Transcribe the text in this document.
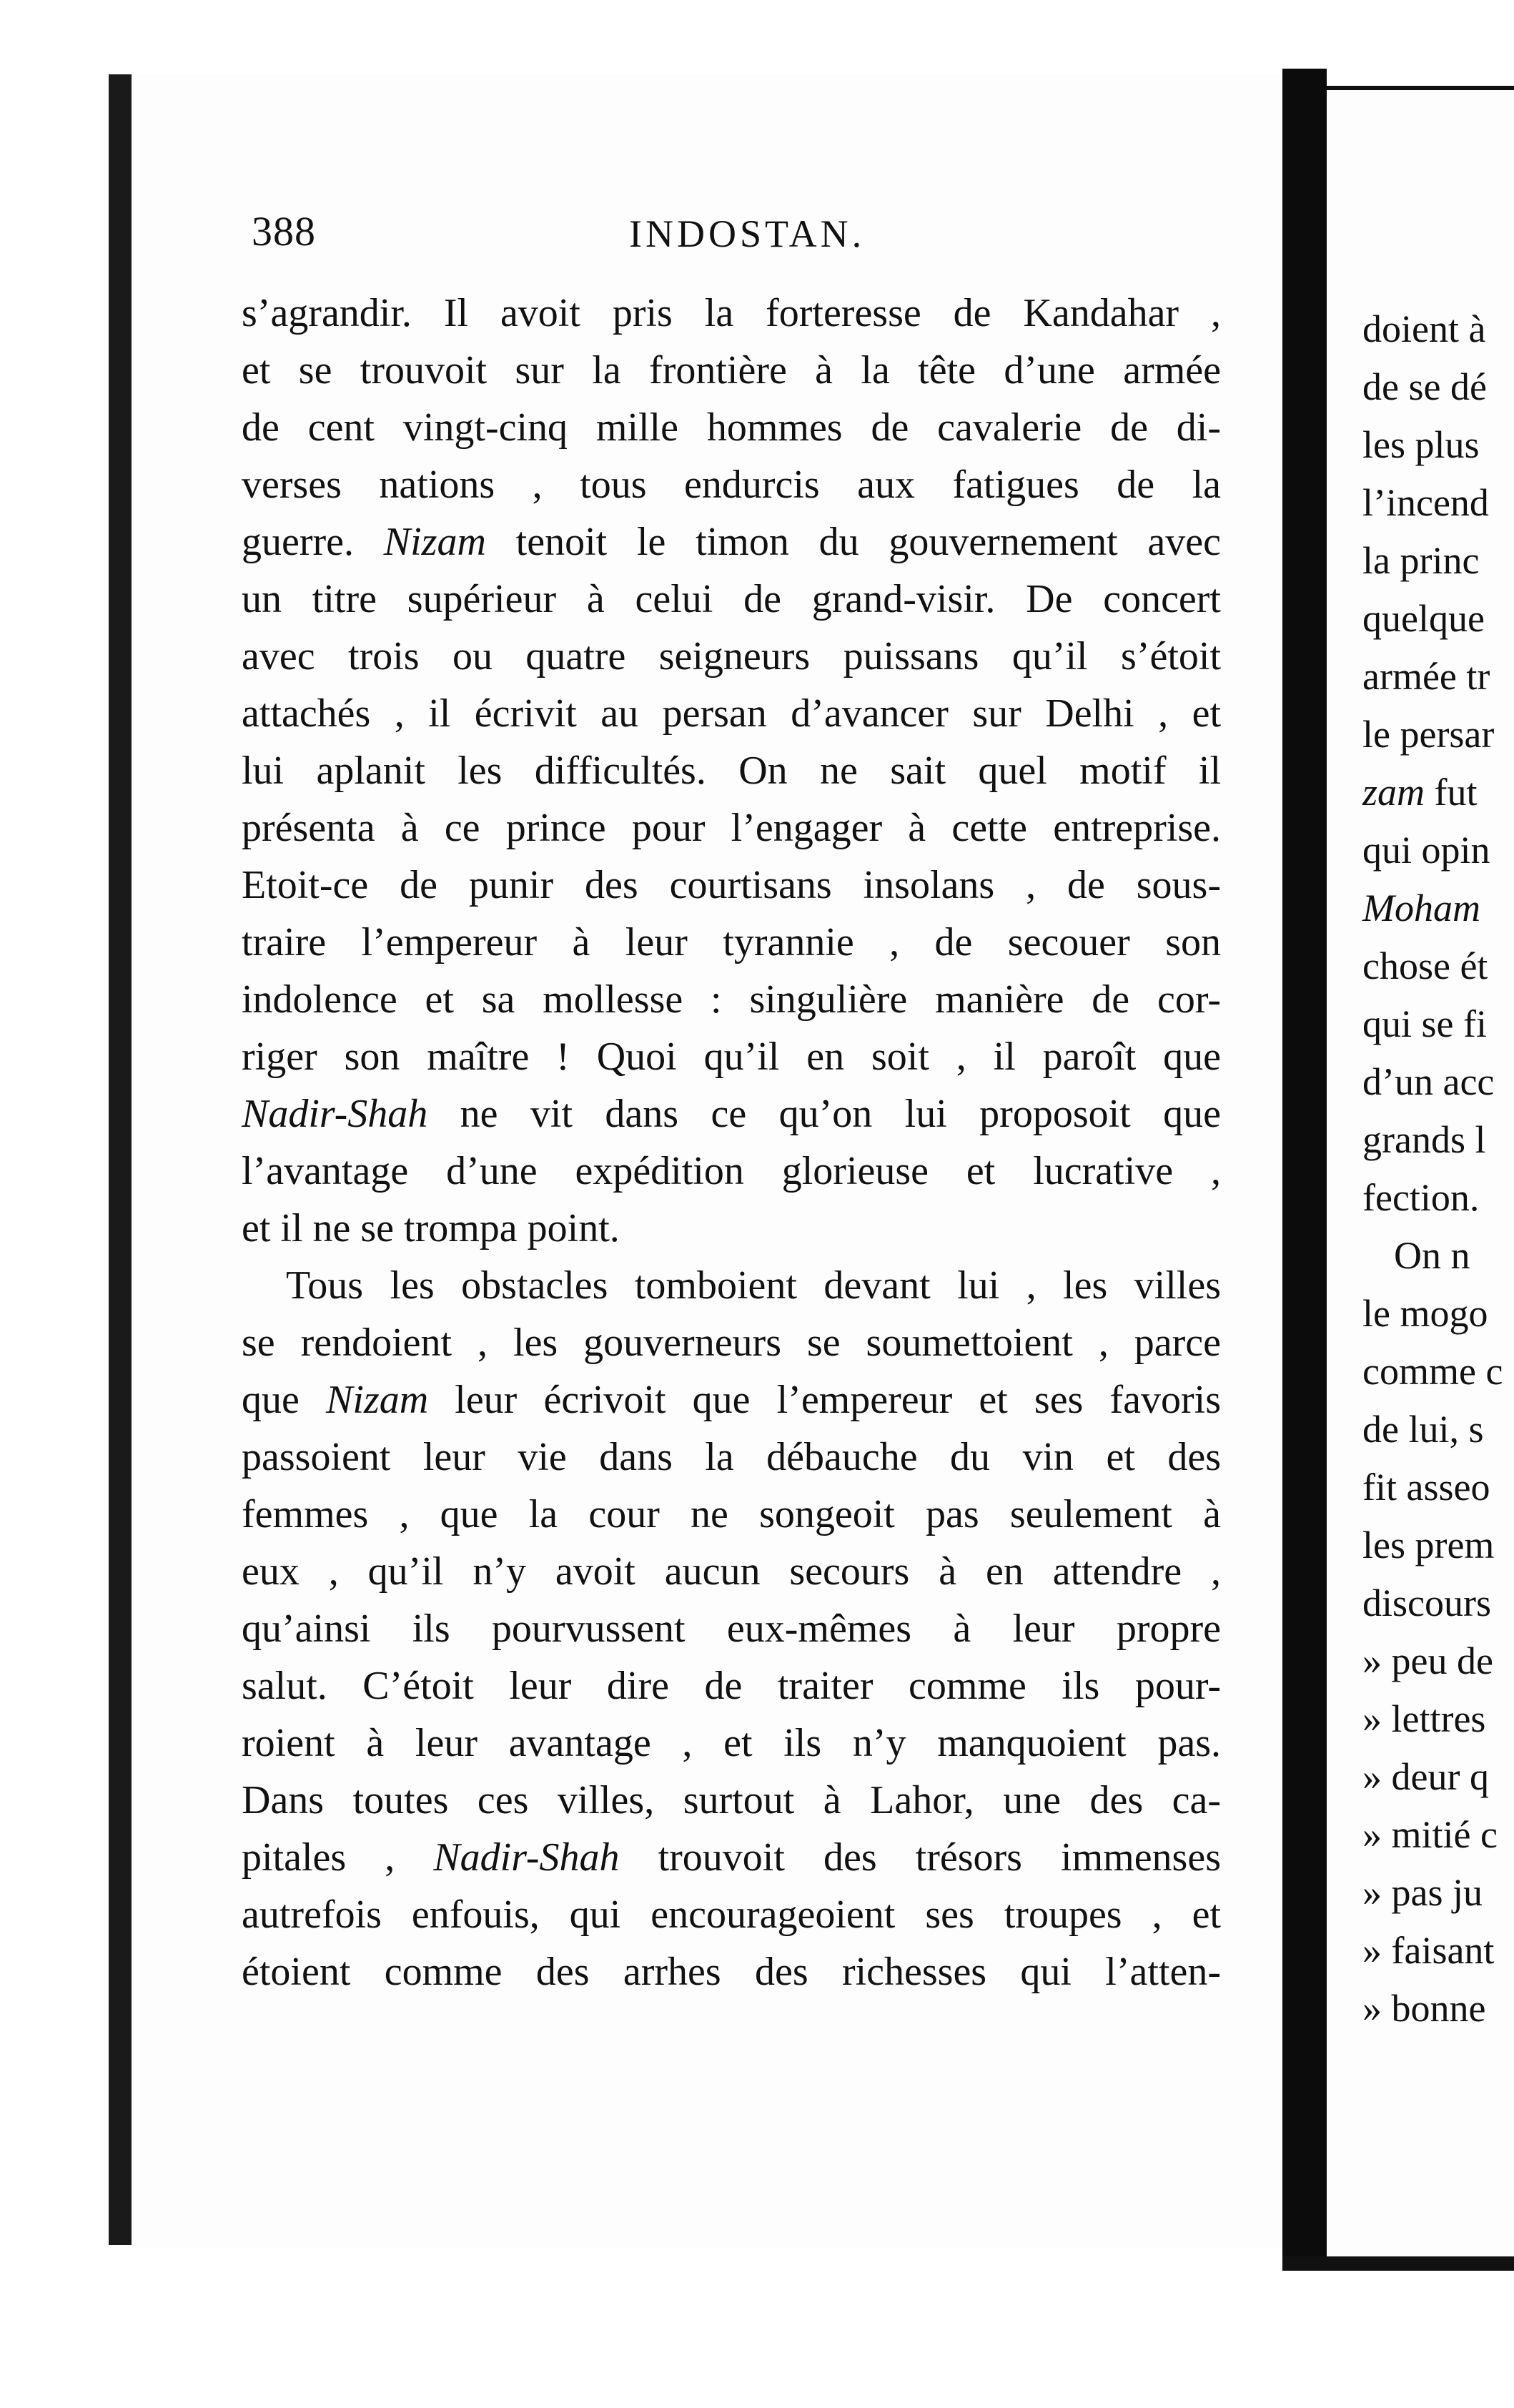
388	INDOSTAN.
s’agrandir. Il avoit pris la forteresse de Kandahar ,
et se trouvoit sur la frontière à la tête d’une armée
de cent vingt-cinq mille hommes de cavalerie de di-
verses nations , tous endurcis aux fatigues de la
guerre. Nizam tenoit le timon du gouvernement avec
un titre supérieur à celui de grand-visir. De concert
avec trois ou quatre seigneurs puissans qu’il s’étoit
attachés , il écrivit au persan d’avancer sur Delhi , et
lui aplanit les difficultés. On ne sait quel motif il
présenta à ce prince pour l’engager à cette entreprise.
Etoit-ce de punir des courtisans insolans , de sous-
traire l’empereur à leur tyrannie , de secouer son
indolence et sa mollesse : singulière manière de cor-
riger son maître ! Quoi qu’il en soit , il paroît que
Nadir-Shah ne vit dans ce qu’on lui proposoit que
l’avantage d’une expédition glorieuse et lucrative ,
et il ne se trompa point.
Tous les obstacles tomboient devant lui , les villes
se rendoient , les gouverneurs se soumettoient , parce
que Nizam leur écrivoit que l’empereur et ses favoris
passoient leur vie dans la débauche du vin et des
femmes , que la cour ne songeoit pas seulement à
eux , qu’il n’y avoit aucun secours à en attendre ,
qu’ainsi ils pourvussent eux-mêmes à leur propre
salut. C’étoit leur dire de traiter comme ils pour-
roient à leur avantage , et ils n’y manquoient pas.
Dans toutes ces villes, surtout à Lahor, une des ca-
pitales , Nadir-Shah trouvoit des trésors immenses
autrefois enfouis, qui encourageoient ses troupes , et
étoient comme des arrhes des richesses qui l’atten-
doient à
de se dé
les plus
l’incend
la princ
quelque
armée tr
le persar
zam fut
qui opin
Moham
chose ét
qui se fi
d’un acc
grands l
fection.
On n
le mogo
comme c
de lui, s
fit asseo
les prem
discours
» peu de
» lettres
» deur q
» mitié c
» pas ju
» faisant
» bonne
